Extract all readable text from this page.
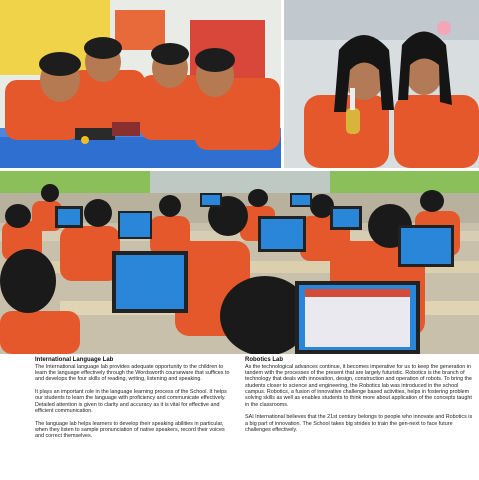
International Language Lab

The International language lab provides adequate opportunity to the children to learn the language effectively through the Wordsworth courseware that suffices to and develops the four skills of reading, writing, listening and speaking.

It plays an important role in the language learning process of the School. It helps our students to learn the language with proficiency and communicate effectively. Detailed attention is given to clarity and accuracy as it is vital for effective and efficient communication.

The language lab helps learners to develop their speaking abilities in particular, when they listen to sample pronunciation of native speakers, record their voices and correct themselves.

Robotics Lab

As the technological advances continue, it becomes imperative for us to keep the generation in tandem with the processes of the present that are largely futuristic. Robotics is the branch of technology that deals with innovation, design, construction and operation of robots. To bring the students closer to science and engineering, the Robotics lab was introduced in the school campus. Robotics, a fusion of innovative challenge based activities, helps in fostering problem solving skills as well as enables students to think more about application of the concepts taught in the classrooms.

SAI International believes that the 21st century belongs to people who innovate and Robotics is a big part of innovation. The School takes big strides to train the gen-next to face future challenges effectively.
